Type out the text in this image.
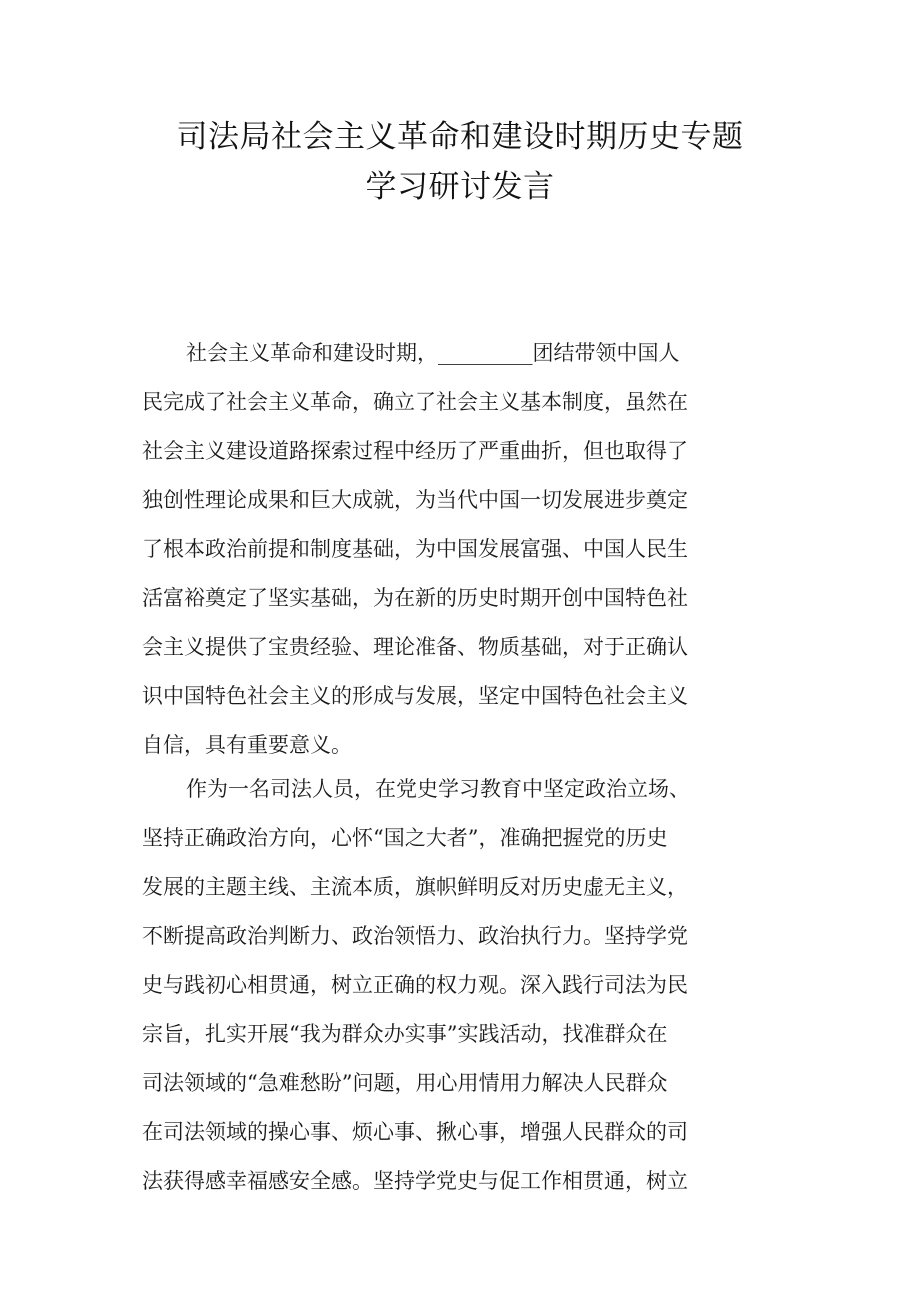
司法局社会主义革命和建设时期历史专题
学习研讨发言
社会主义革命和建设时期，_________团结带领中国人
民完成了社会主义革命，确立了社会主义基本制度，虽然在
社会主义建设道路探索过程中经历了严重曲折，但也取得了
独创性理论成果和巨大成就，为当代中国一切发展进步奠定
了根本政治前提和制度基础，为中国发展富强、中国人民生
活富裕奠定了坚实基础，为在新的历史时期开创中国特色社
会主义提供了宝贵经验、理论准备、物质基础，对于正确认
识中国特色社会主义的形成与发展，坚定中国特色社会主义
自信，具有重要意义。
作为一名司法人员，在党史学习教育中坚定政治立场、
坚持正确政治方向，心怀“国之大者”，准确把握党的历史
发展的主题主线、主流本质，旗帜鲜明反对历史虚无主义，
不断提高政治判断力、政治领悟力、政治执行力。坚持学党
史与践初心相贯通，树立正确的权力观。深入践行司法为民
宗旨，扎实开展“我为群众办实事”实践活动，找准群众在
司法领域的“急难愁盼”问题，用心用情用力解决人民群众
在司法领域的操心事、烦心事、揪心事，增强人民群众的司
法获得感幸福感安全感。坚持学党史与促工作相贯通，树立
